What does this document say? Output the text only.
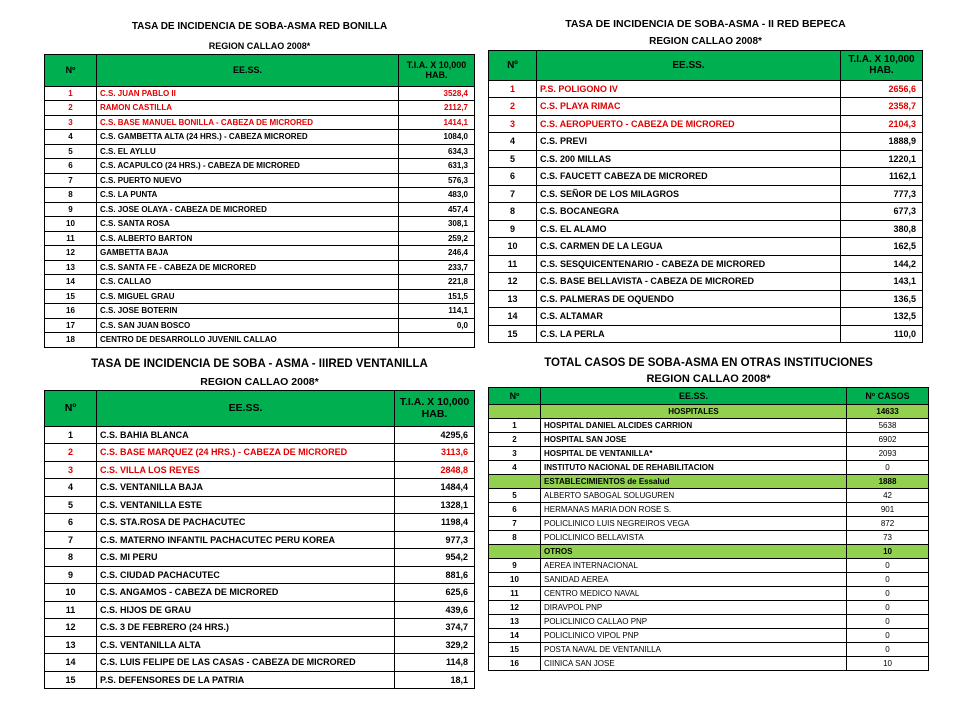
TASA DE INCIDENCIA DE SOBA-ASMA RED BONILLA		
REGION CALLAO 2008*		
Nº	EE.SS.	T.I.A. X 10,000 HAB.
1	C.S. JUAN PABLO II	3528,4
2	RAMON CASTILLA	2112,7
3	C.S. BASE MANUEL BONILLA - CABEZA DE MICRORED	1414,1
4	C.S. GAMBETTA ALTA (24 HRS.) - CABEZA MICRORED	1084,0
5	C.S. EL AYLLU	634,3
6	C.S. ACAPULCO (24 HRS.) - CABEZA DE MICRORED	631,3
7	C.S. PUERTO NUEVO	576,3
8	C.S. LA PUNTA	483,0
9	C.S. JOSE OLAYA - CABEZA DE MICRORED	457,4
10	C.S. SANTA ROSA	308,1
11	C.S. ALBERTO BARTON	259,2
12	GAMBETTA BAJA	246,4
13	C.S. SANTA FE - CABEZA DE MICRORED	233,7
14	C.S. CALLAO	221,8
15	C.S. MIGUEL GRAU	151,5
16	C.S. JOSE BOTERIN	114,1
17	C.S. SAN JUAN BOSCO	0,0
18	CENTRO DE DESARROLLO JUVENIL CALLAO	
TASA DE INCIDENCIA DE SOBA-ASMA - II RED BEPECA		
REGION CALLAO 2008*		
Nº	EE.SS.	T.I.A. X 10,000 HAB.
1	P.S. POLIGONO IV	2656,6
2	C.S. PLAYA RIMAC	2358,7
3	C.S. AEROPUERTO - CABEZA DE MICRORED	2104,3
4	C.S. PREVI	1888,9
5	C.S. 200 MILLAS	1220,1
6	C.S. FAUCETT CABEZA DE MICRORED	1162,1
7	C.S. SEÑOR DE LOS MILAGROS	777,3
8	C.S. BOCANEGRA	677,3
9	C.S. EL ALAMO	380,8
10	C.S. CARMEN DE LA LEGUA	162,5
11	C.S. SESQUICENTENARIO - CABEZA DE MICRORED	144,2
12	C.S. BASE BELLAVISTA - CABEZA DE MICRORED	143,1
13	C.S. PALMERAS DE OQUENDO	136,5
14	C.S. ALTAMAR	132,5
15	C.S. LA PERLA	110,0
TASA DE INCIDENCIA DE SOBA - ASMA - IIIRED VENTANILLA		
REGION CALLAO 2008*		
Nº	EE.SS.	T.I.A. X 10,000 HAB.
1	C.S. BAHIA BLANCA	4295,6
2	C.S. BASE MARQUEZ (24 HRS.) - CABEZA DE MICRORED	3113,6
3	C.S. VILLA LOS REYES	2848,8
4	C.S. VENTANILLA BAJA	1484,4
5	C.S. VENTANILLA ESTE	1328,1
6	C.S. STA.ROSA DE PACHACUTEC	1198,4
7	C.S. MATERNO INFANTIL PACHACUTEC PERU KOREA	977,3
8	C.S. MI PERU	954,2
9	C.S. CIUDAD PACHACUTEC	881,6
10	C.S. ANGAMOS - CABEZA DE MICRORED	625,6
11	C.S. HIJOS DE GRAU	439,6
12	C.S. 3 DE FEBRERO (24 HRS.)	374,7
13	C.S. VENTANILLA ALTA	329,2
14	C.S. LUIS FELIPE DE LAS CASAS - CABEZA DE MICRORED	114,8
15	P.S. DEFENSORES DE LA PATRIA	18,1
TOTAL CASOS DE SOBA-ASMA EN OTRAS INSTITUCIONES		
REGION CALLAO 2008*		
Nº	EE.SS.	Nº CASOS
	HOSPITALES	14633
1	HOSPITAL DANIEL ALCIDES CARRION	5638
2	HOSPITAL SAN JOSE	6902
3	HOSPITAL DE VENTANILLA*	2093
4	INSTITUTO NACIONAL DE REHABILITACION	0
	ESTABLECIMIENTOS de Essalud	1888
5	ALBERTO SABOGAL SOLUGUREN	42
6	HERMANAS MARIA DON ROSE S.	901
7	POLICLINICO LUIS NEGREIROS VEGA	872
8	POLICLINICO BELLAVISTA	73
	OTROS	10
9	AEREA INTERNACIONAL	0
10	SANIDAD AEREA	0
11	CENTRO MEDICO NAVAL	0
12	DIRAVPOL PNP	0
13	POLICLINICO CALLAO PNP	0
14	POLICLINICO VIPOL PNP	0
15	POSTA NAVAL DE VENTANILLA	0
16	CIINICA SAN JOSE	10
